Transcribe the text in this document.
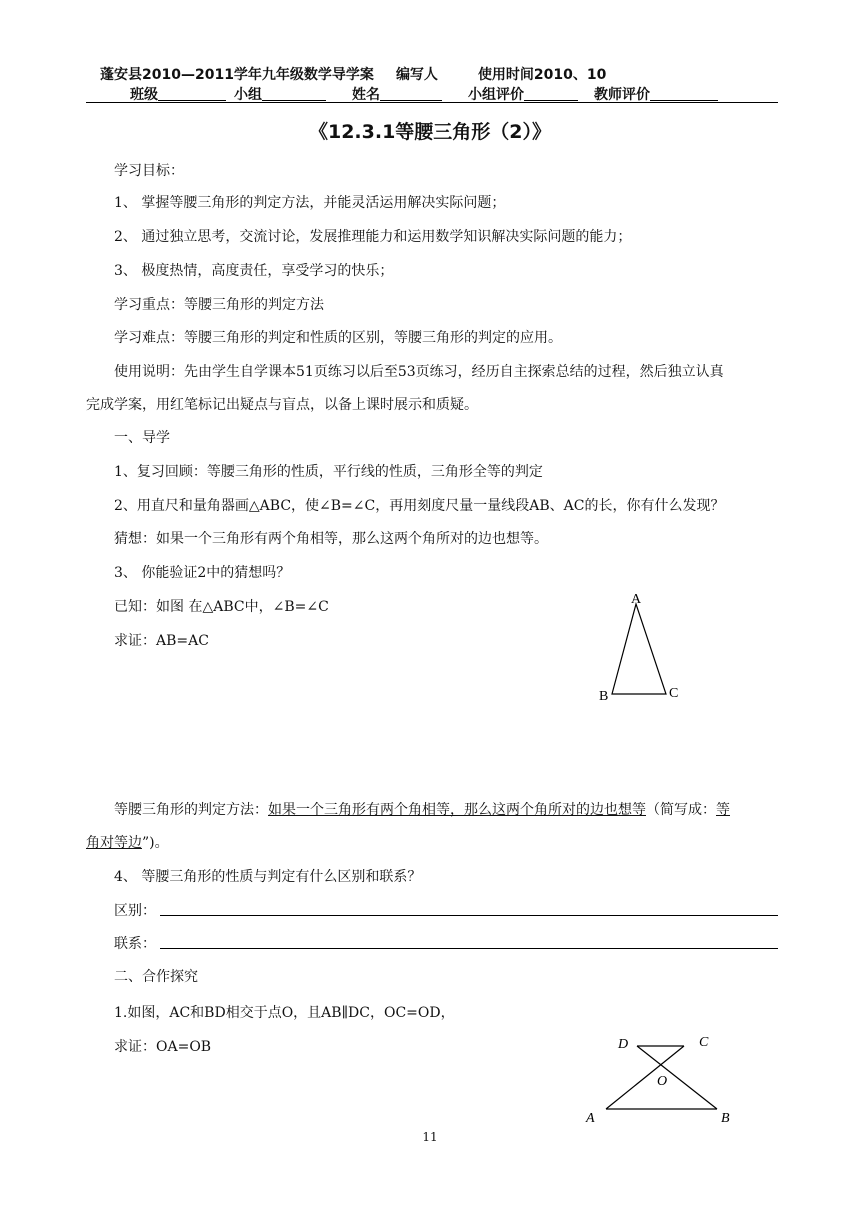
蓬安县2010—2011学年九年级数学导学案 编写人	使用时间2010、10
班级	小组	姓名	小组评价	教师评价
《12.3.1等腰三角形（2）》
学习目标：
1、 掌握等腰三角形的判定方法，并能灵活运用解决实际问题；
2、 通过独立思考，交流讨论，发展推理能力和运用数学知识解决实际问题的能力；
3、 极度热情，高度责任，享受学习的快乐；
学习重点：等腰三角形的判定方法
学习难点：等腰三角形的判定和性质的区别，等腰三角形的判定的应用。
使用说明：先由学生自学课本51页练习以后至53页练习，经历自主探索总结的过程，然后独立认真
完成学案，用红笔标记出疑点与盲点，以备上课时展示和质疑。
一、导学
1、复习回顾：等腰三角形的性质，平行线的性质，三角形全等的判定
2、用直尺和量角器画△ABC，使∠B=∠C，再用刻度尺量一量线段AB、AC的长，你有什么发现？
猜想：如果一个三角形有两个角相等，那么这两个角所对的边也想等。
3、 你能验证2中的猜想吗？
已知：如图 在△ABC中，∠B=∠C
求证：AB=AC
A
B	C
等腰三角形的判定方法：如果一个三角形有两个角相等，那么这两个角所对的边也想等（简写成：等
角对等边”)。
4、 等腰三角形的性质与判定有什么区别和联系？
区别：
联系：
二、合作探究
1.如图，AC和BD相交于点O，且AB∥DC，OC=OD，
求证：OA=OB	D	C
O
A	B
11
